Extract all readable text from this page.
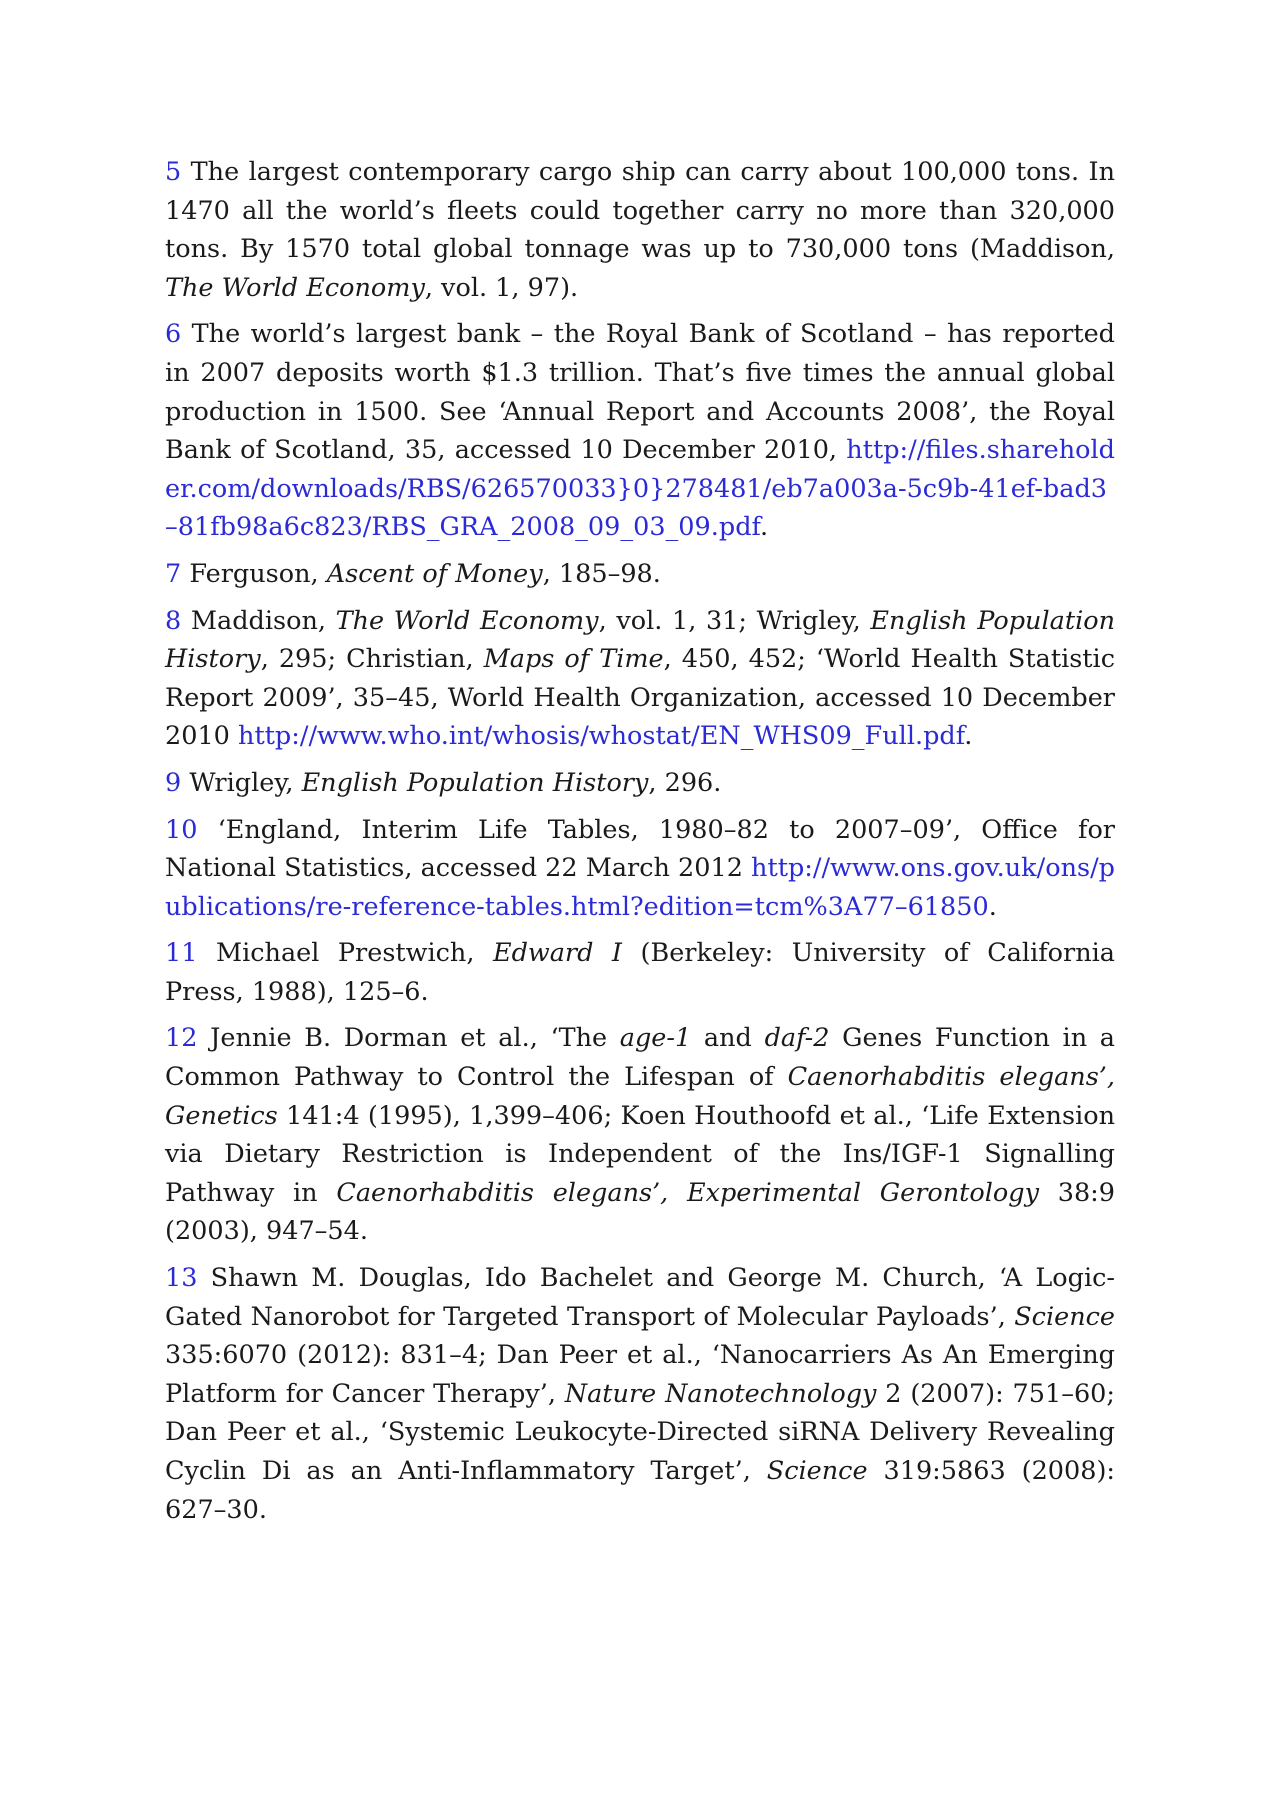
5 The largest contemporary cargo ship can carry about 100,000 tons. In 1470 all the world’s fleets could together carry no more than 320,000 tons. By 1570 total global tonnage was up to 730,000 tons (Maddison, The World Economy, vol. 1, 97).

6 The world’s largest bank – the Royal Bank of Scotland – has reported in 2007 deposits worth $1.3 trillion. That’s five times the annual global production in 1500. See ‘Annual Report and Accounts 2008’, the Royal Bank of Scotland, 35, accessed 10 December 2010, http://files.shareholder.com/downloads/RBS/626570033}0}278481/eb7a003a-5c9b-41ef-bad3–81fb98a6c823/RBS_GRA_2008_09_03_09.pdf.

7 Ferguson, Ascent of Money, 185–98.

8 Maddison, The World Economy, vol. 1, 31; Wrigley, English Population History, 295; Christian, Maps of Time, 450, 452; ‘World Health Statistic Report 2009’, 35–45, World Health Organization, accessed 10 December 2010 http://www.who.int/whosis/whostat/EN_WHS09_Full.pdf.

9 Wrigley, English Population History, 296.

10 ‘England, Interim Life Tables, 1980–82 to 2007–09’, Office for National Statistics, accessed 22 March 2012 http://www.ons.gov.uk/ons/publications/re-reference-tables.html?edition=tcm%3A77–61850.

11 Michael Prestwich, Edward I (Berkeley: University of California Press, 1988), 125–6.

12 Jennie B. Dorman et al., ‘The age-1 and daf-2 Genes Function in a Common Pathway to Control the Lifespan of Caenorhabditis elegans’, Genetics 141:4 (1995), 1,399–406; Koen Houthoofd et al., ‘Life Extension via Dietary Restriction is Independent of the Ins/IGF-1 Signalling Pathway in Caenorhabditis elegans’, Experimental Gerontology 38:9 (2003), 947–54.

13 Shawn M. Douglas, Ido Bachelet and George M. Church, ‘A Logic-Gated Nanorobot for Targeted Transport of Molecular Payloads’, Science 335:6070 (2012): 831–4; Dan Peer et al., ‘Nanocarriers As An Emerging Platform for Cancer Therapy’, Nature Nanotechnology 2 (2007): 751–60; Dan Peer et al., ‘Systemic Leukocyte-Directed siRNA Delivery Revealing Cyclin Di as an Anti-Inflammatory Target’, Science 319:5863 (2008): 627–30.
